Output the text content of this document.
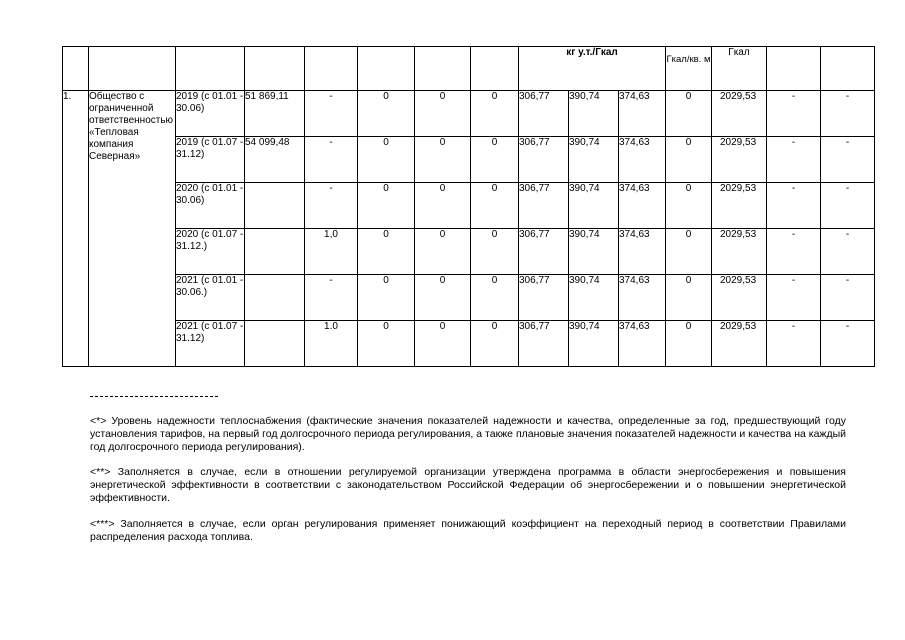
								кг у.т./Гкал			Гкал/кв. м	Гкал		
1.	Общество с ограниченной ответственностью «Тепловая компания Северная»	2019 (с 01.01 - 30.06)	51 869,11	-	0	0	0	306,77	390,74	374,63	0	2029,53	-	-
		2019 (с 01.07 - 31.12)	54 099,48	-	0	0	0	306,77	390,74	374,63	0	2029,53	-	-
		2020 (с 01.01 - 30.06)		-	0	0	0	306,77	390,74	374,63	0	2029,53	-	-
		2020 (с 01.07 - 31.12.)		1,0	0	0	0	306,77	390,74	374,63	0	2029,53	-	-
		2021 (с 01.01 - 30.06.)		-	0	0	0	306,77	390,74	374,63	0	2029,53	-	-
		2021 (с 01.07 - 31.12)		1.0	0	0	0	306,77	390,74	374,63	0	2029,53	-	-
<*> Уровень надежности теплоснабжения (фактические значения показателей надежности и качества, определенные за год, предшествующий году установления тарифов, на первый год долгосрочного периода регулирования, а также плановые значения показателей надежности и качества на каждый год долгосрочного периода регулирования).
<**> Заполняется в случае, если в отношении регулируемой организации утверждена программа в области энергосбережения и повышения энергетической эффективности в соответствии с законодательством Российской Федерации об энергосбережении и о повышении энергетической эффективности.
<***> Заполняется в случае, если орган регулирования применяет понижающий коэффициент на переходный период в соответствии Правилами распределения расхода топлива.
